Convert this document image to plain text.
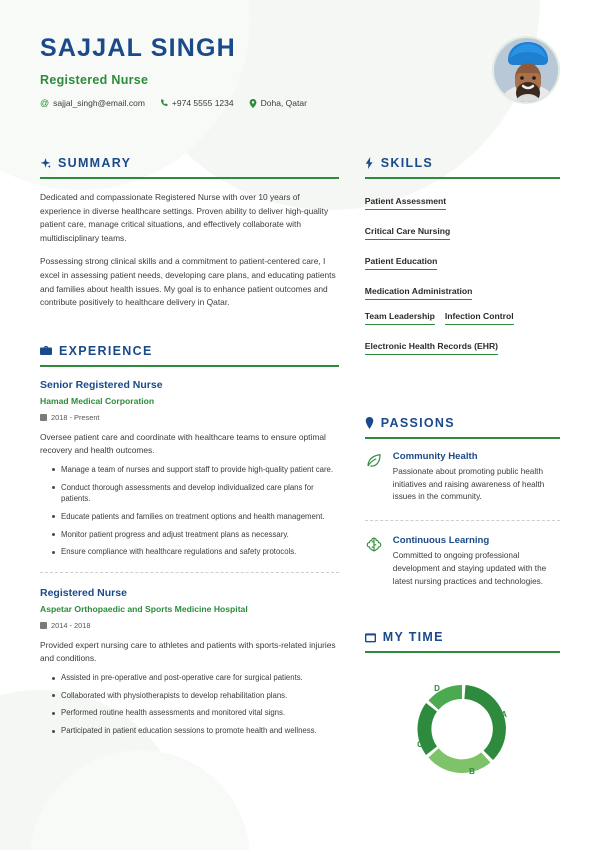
SAJJAL SINGH
Registered Nurse
@ sajjal_singh@email.com	+974 5555 1234	Doha, Qatar
SUMMARY

Dedicated and compassionate Registered Nurse with over 10 years of experience in diverse healthcare settings. Proven ability to deliver high-quality patient care, manage critical situations, and effectively collaborate with multidisciplinary teams.

Possessing strong clinical skills and a commitment to patient-centered care, I excel in assessing patient needs, developing care plans, and educating patients and families about health issues. My goal is to enhance patient outcomes and contribute positively to healthcare delivery in Qatar.

EXPERIENCE
Senior Registered Nurse
Hamad Medical Corporation
2018 - Present
Oversee patient care and coordinate with healthcare teams to ensure optimal recovery and health outcomes.
Manage a team of nurses and support staff to provide high-quality patient care.
Conduct thorough assessments and develop individualized care plans for patients.
Educate patients and families on treatment options and health management.
Monitor patient progress and adjust treatment plans as necessary.
Ensure compliance with healthcare regulations and safety protocols.
Registered Nurse
Aspetar Orthopaedic and Sports Medicine Hospital
2014 - 2018
Provided expert nursing care to athletes and patients with sports-related injuries and conditions.
Assisted in pre-operative and post-operative care for surgical patients.
Collaborated with physiotherapists to develop rehabilitation plans.
Performed routine health assessments and monitored vital signs.
Participated in patient education sessions to promote health and wellness.
SKILLS
Patient Assessment
Critical Care Nursing
Patient Education
Medication Administration

Team Leadership Infection Control
Electronic Health Records (EHR)
PASSIONS
Community Health
Passionate about promoting public health initiatives and raising awareness of health issues in the community.
Continuous Learning
Committed to ongoing professional development and staying updated with the latest nursing practices and technologies.
MY TIME
A
B
C
D
